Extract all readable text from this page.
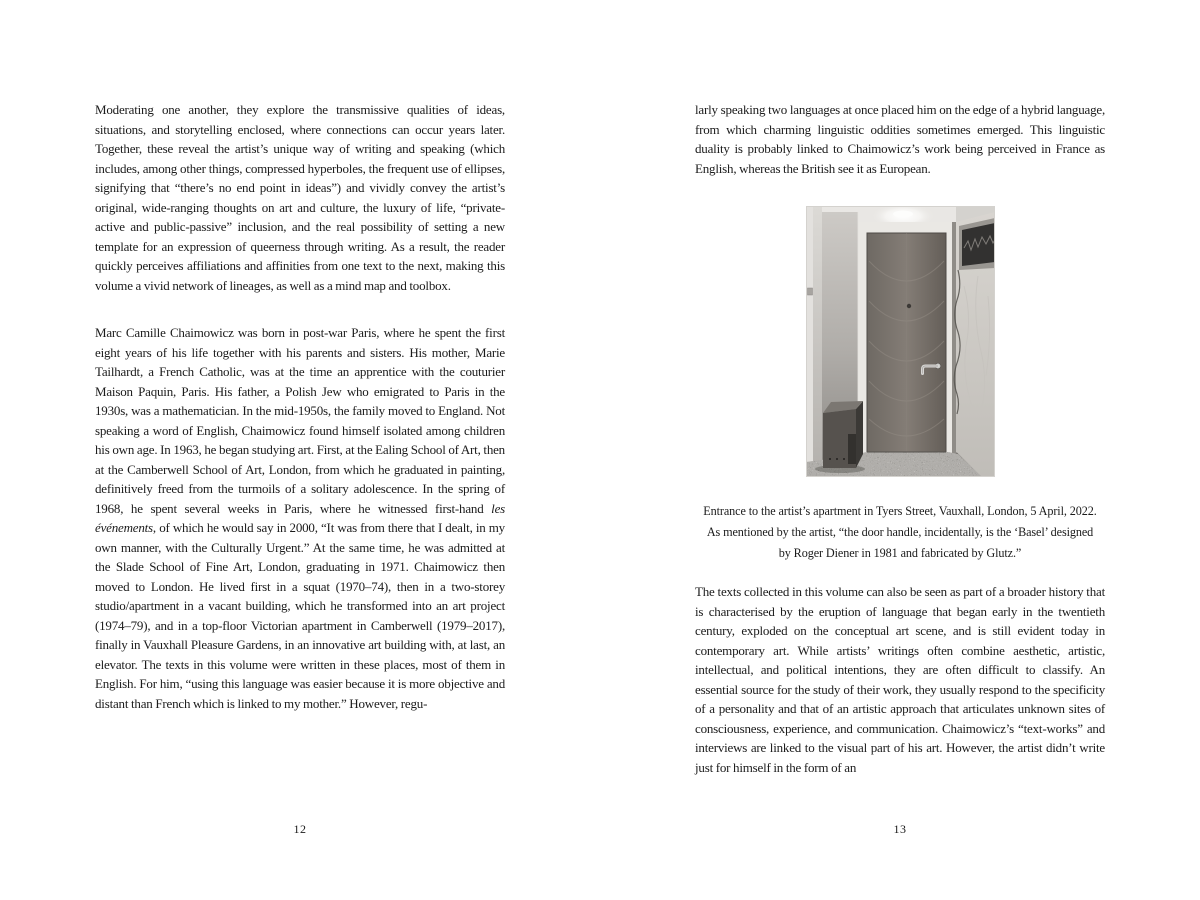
Moderating one another, they explore the transmissive qualities of ideas, situations, and storytelling enclosed, where connections can occur years later. Together, these reveal the artist’s unique way of writing and speaking (which includes, among other things, compressed hyperboles, the frequent use of ellipses, signifying that “there’s no end point in ideas”) and vividly convey the artist’s original, wide-ranging thoughts on art and culture, the luxury of life, “private-active and public-passive” inclusion, and the real possibility of setting a new template for an expression of queerness through writing. As a result, the reader quickly perceives affiliations and affinities from one text to the next, making this volume a vivid network of lineages, as well as a mind map and toolbox.

Marc Camille Chaimowicz was born in post-war Paris, where he spent the first eight years of his life together with his parents and sisters. His mother, Marie Tailhardt, a French Catholic, was at the time an apprentice with the couturier Maison Paquin, Paris. His father, a Polish Jew who emigrated to Paris in the 1930s, was a mathematician. In the mid-1950s, the family moved to England. Not speaking a word of English, Chaimowicz found himself isolated among children his own age. In 1963, he began studying art. First, at the Ealing School of Art, then at the Camberwell School of Art, London, from which he graduated in painting, definitively freed from the turmoils of a solitary adolescence. In the spring of 1968, he spent several weeks in Paris, where he witnessed first-hand les événements, of which he would say in 2000, “It was from there that I dealt, in my own manner, with the Culturally Urgent.” At the same time, he was admitted at the Slade School of Fine Art, London, graduating in 1971. Chaimowicz then moved to London. He lived first in a squat (1970–74), then in a two-storey studio/apartment in a vacant building, which he transformed into an art project (1974–79), and in a top-floor Victorian apartment in Camberwell (1979–2017), finally in Vauxhall Pleasure Gardens, in an innovative art building with, at last, an elevator. The texts in this volume were written in these places, most of them in English. For him, “using this language was easier because it is more objective and distant than French which is linked to my mother.” However, regu-

12

larly speaking two languages at once placed him on the edge of a hybrid language, from which charming linguistic oddities sometimes emerged. This linguistic duality is probably linked to Chaimowicz’s work being perceived in France as English, whereas the British see it as European.

Entrance to the artist’s apartment in Tyers Street, Vauxhall, London, 5 April, 2022. As mentioned by the artist, “the door handle, incidentally, is the ‘Basel’ designed by Roger Diener in 1981 and fabricated by Glutz.”

The texts collected in this volume can also be seen as part of a broader history that is characterised by the eruption of language that began early in the twentieth century, exploded on the conceptual art scene, and is still evident today in contemporary art. While artists’ writings often combine aesthetic, artistic, intellectual, and political intentions, they are often difficult to classify. An essential source for the study of their work, they usually respond to the specificity of a personality and that of an artistic approach that articulates unknown sites of consciousness, experience, and communication. Chaimowicz’s “text-works” and interviews are linked to the visual part of his art. However, the artist didn’t write just for himself in the form of an

13
